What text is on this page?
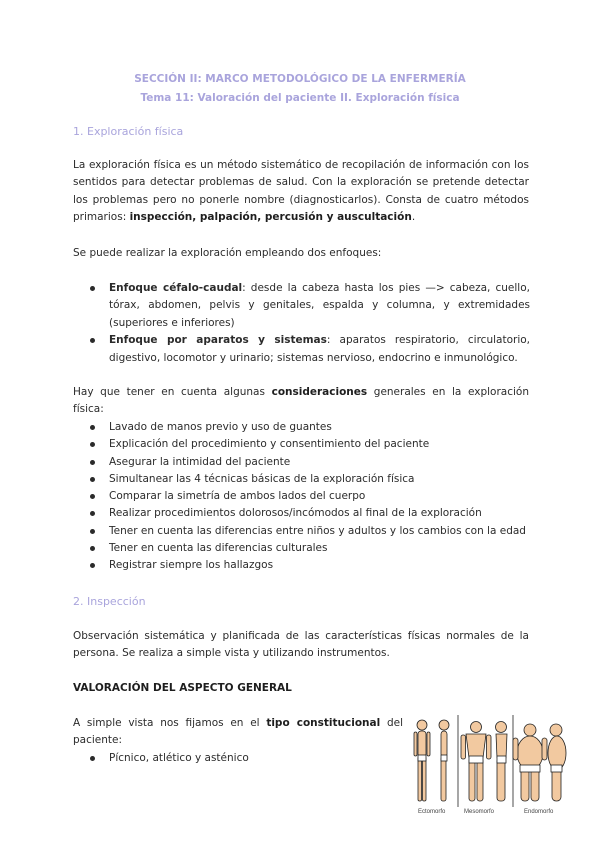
SECCIÓN II: MARCO METODOLÓGICO DE LA ENFERMERÍA
Tema 11: Valoración del paciente II. Exploración física
1. Exploración física

La exploración física es un método sistemático de recopilación de información con los sentidos para detectar problemas de salud. Con la exploración se pretende detectar los problemas pero no ponerle nombre (diagnosticarlos). Consta de cuatro métodos primarios: inspección, palpación, percusión y auscultación.

Se puede realizar la exploración empleando dos enfoques:

Enfoque céfalo-caudal: desde la cabeza hasta los pies —> cabeza, cuello, tórax, abdomen, pelvis y genitales, espalda y columna, y extremidades (superiores e inferiores)
Enfoque por aparatos y sistemas: aparatos respiratorio, circulatorio, digestivo, locomotor y urinario; sistemas nervioso, endocrino e inmunológico.

Hay que tener en cuenta algunas consideraciones generales en la exploración física:

Lavado de manos previo y uso de guantes
Explicación del procedimiento y consentimiento del paciente
Asegurar la intimidad del paciente
Simultanear las 4 técnicas básicas de la exploración física
Comparar la simetría de ambos lados del cuerpo
Realizar procedimientos dolorosos/incómodos al final de la exploración
Tener en cuenta las diferencias entre niños y adultos y los cambios con la edad
Tener en cuenta las diferencias culturales
Registrar siempre los hallazgos
2. Inspección

Observación sistemática y planificada de las características físicas normales de la persona. Se realiza a simple vista y utilizando instrumentos.

VALORACIÓN DEL ASPECTO GENERAL

A simple vista nos fijamos en el tipo constitucional del paciente:

Pícnico, atlético y asténico
Ectomorfo	Mesomorfo	Endomorfo
